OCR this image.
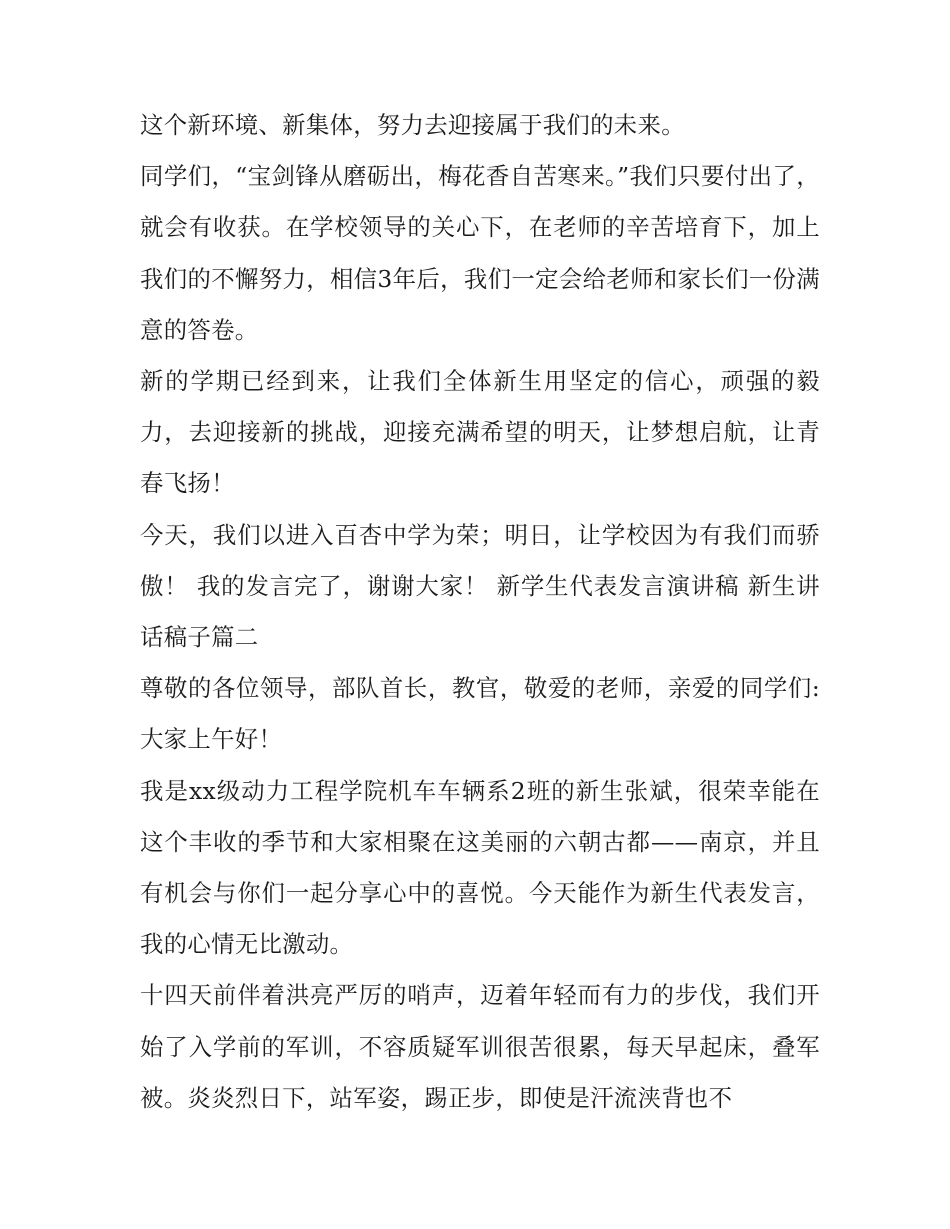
这个新环境、新集体，努力去迎接属于我们的未来。

同学们，“宝剑锋从磨砺出，梅花香自苦寒来。”我们只要付出了，就会有收获。在学校领导的关心下，在老师的辛苦培育下，加上我们的不懈努力，相信3年后，我们一定会给老师和家长们一份满意的答卷。

新的学期已经到来，让我们全体新生用坚定的信心，顽强的毅力，去迎接新的挑战，迎接充满希望的明天，让梦想启航，让青春飞扬！

今天，我们以进入百杏中学为荣；明日，让学校因为有我们而骄傲！ 我的发言完了，谢谢大家！ 新学生代表发言演讲稿 新生讲话稿子篇二

尊敬的各位领导，部队首长，教官，敬爱的老师，亲爱的同学们: 大家上午好！

我是xx级动力工程学院机车车辆系2班的新生张斌，很荣幸能在这个丰收的季节和大家相聚在这美丽的六朝古都——南京，并且有机会与你们一起分享心中的喜悦。今天能作为新生代表发言，我的心情无比激动。

十四天前伴着洪亮严厉的哨声，迈着年轻而有力的步伐，我们开始了入学前的军训，不容质疑军训很苦很累，每天早起床，叠军被。炎炎烈日下，站军姿，踢正步，即使是汗流浃背也不
